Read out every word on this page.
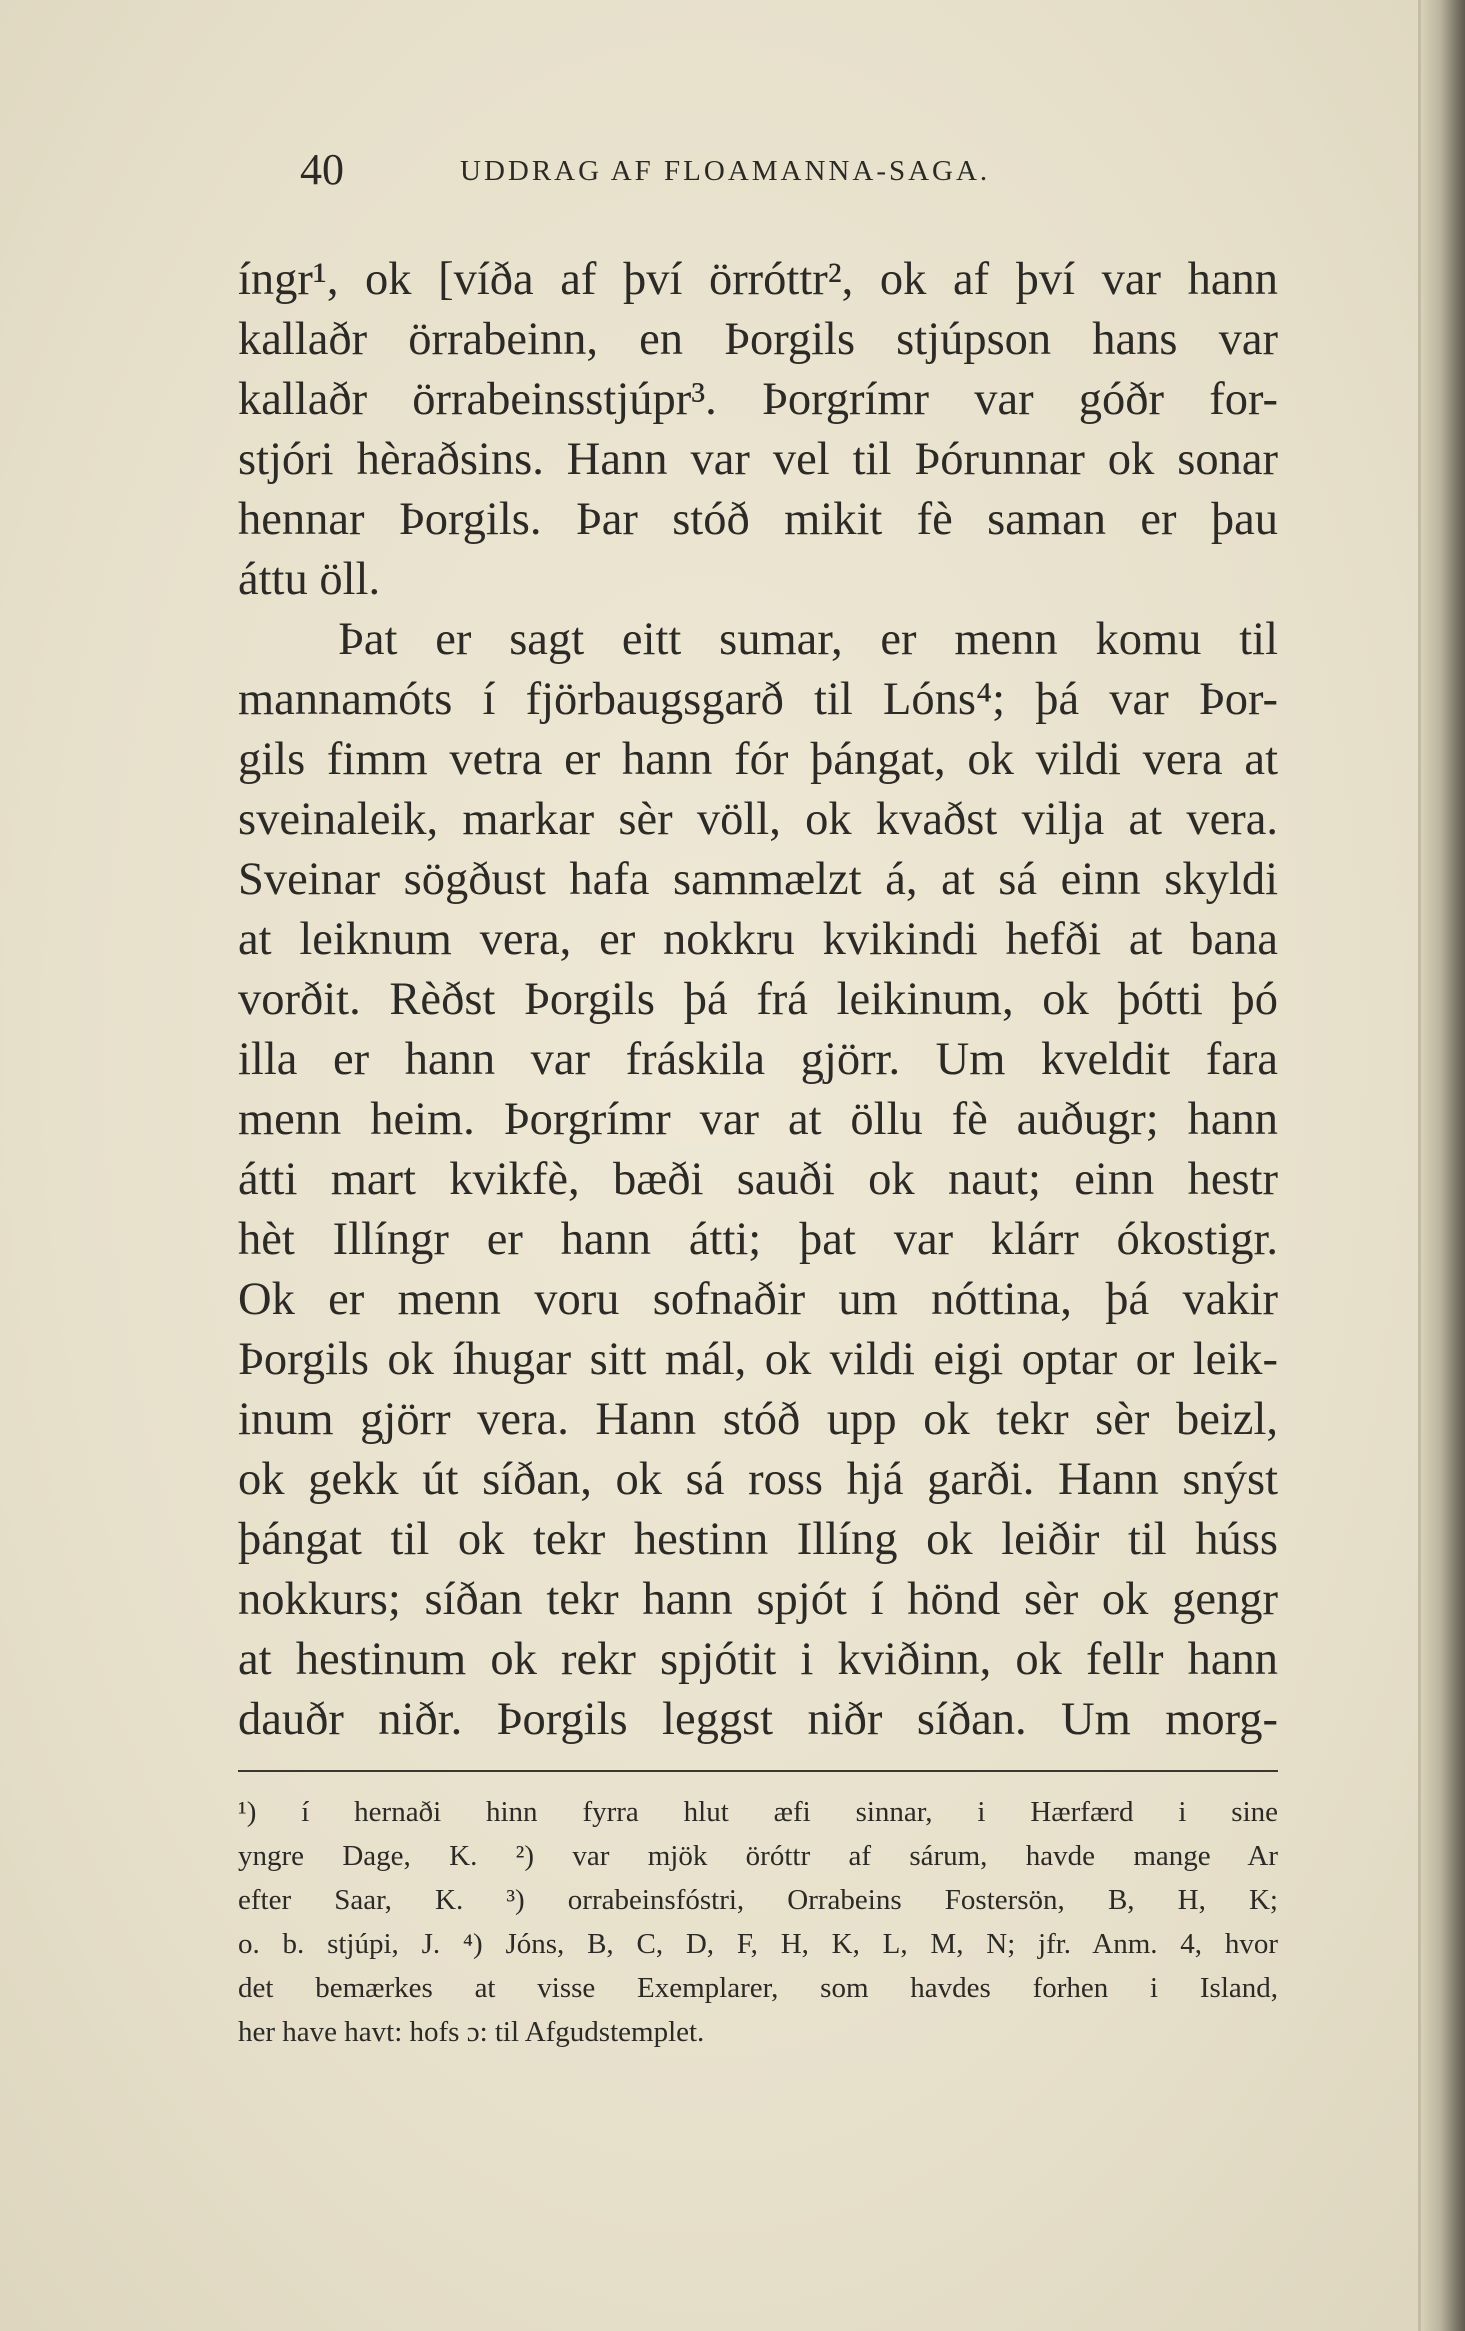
40	UDDRAG AF FLOAMANNA-SAGA.
íngr¹, ok [víða af því örróttr², ok af því var hann
kallaðr örrabeinn, en Þorgils stjúpson hans var
kallaðr örrabeinsstjúpr³. Þorgrímr var góðr for-
stjóri hèraðsins. Hann var vel til Þórunnar ok sonar
hennar Þorgils. Þar stóð mikit fè saman er þau
áttu öll.
Þat er sagt eitt sumar, er menn komu til
mannamóts í fjörbaugsgarð til Lóns⁴; þá var Þor-
gils fimm vetra er hann fór þángat, ok vildi vera at
sveinaleik, markar sèr völl, ok kvaðst vilja at vera.
Sveinar sögðust hafa sammælzt á, at sá einn skyldi
at leiknum vera, er nokkru kvikindi hefði at bana
vorðit. Rèðst Þorgils þá frá leikinum, ok þótti þó
illa er hann var fráskila gjörr. Um kveldit fara
menn heim. Þorgrímr var at öllu fè auðugr; hann
átti mart kvikfè, bæði sauði ok naut; einn hestr
hèt Illíngr er hann átti; þat var klárr ókostigr.
Ok er menn voru sofnaðir um nóttina, þá vakir
Þorgils ok íhugar sitt mál, ok vildi eigi optar or leik-
inum gjörr vera. Hann stóð upp ok tekr sèr beizl,
ok gekk út síðan, ok sá ross hjá garði. Hann snýst
þángat til ok tekr hestinn Illíng ok leiðir til húss
nokkurs; síðan tekr hann spjót í hönd sèr ok gengr
at hestinum ok rekr spjótit i kviðinn, ok fellr hann
dauðr niðr. Þorgils leggst niðr síðan. Um morg-
¹) í hernaði hinn fyrra hlut æfi sinnar, i Hærfærd i sine
yngre Dage, K. ²) var mjök öróttr af sárum, havde mange Ar
efter Saar, K. ³) orrabeinsfóstri, Orrabeins Fostersön, B, H, K;
o. b. stjúpi, J. ⁴) Jóns, B, C, D, F, H, K, L, M, N; jfr. Anm. 4, hvor
det bemærkes at visse Exemplarer, som havdes forhen i Island,
her have havt: hofs ɔ: til Afgudstemplet.
